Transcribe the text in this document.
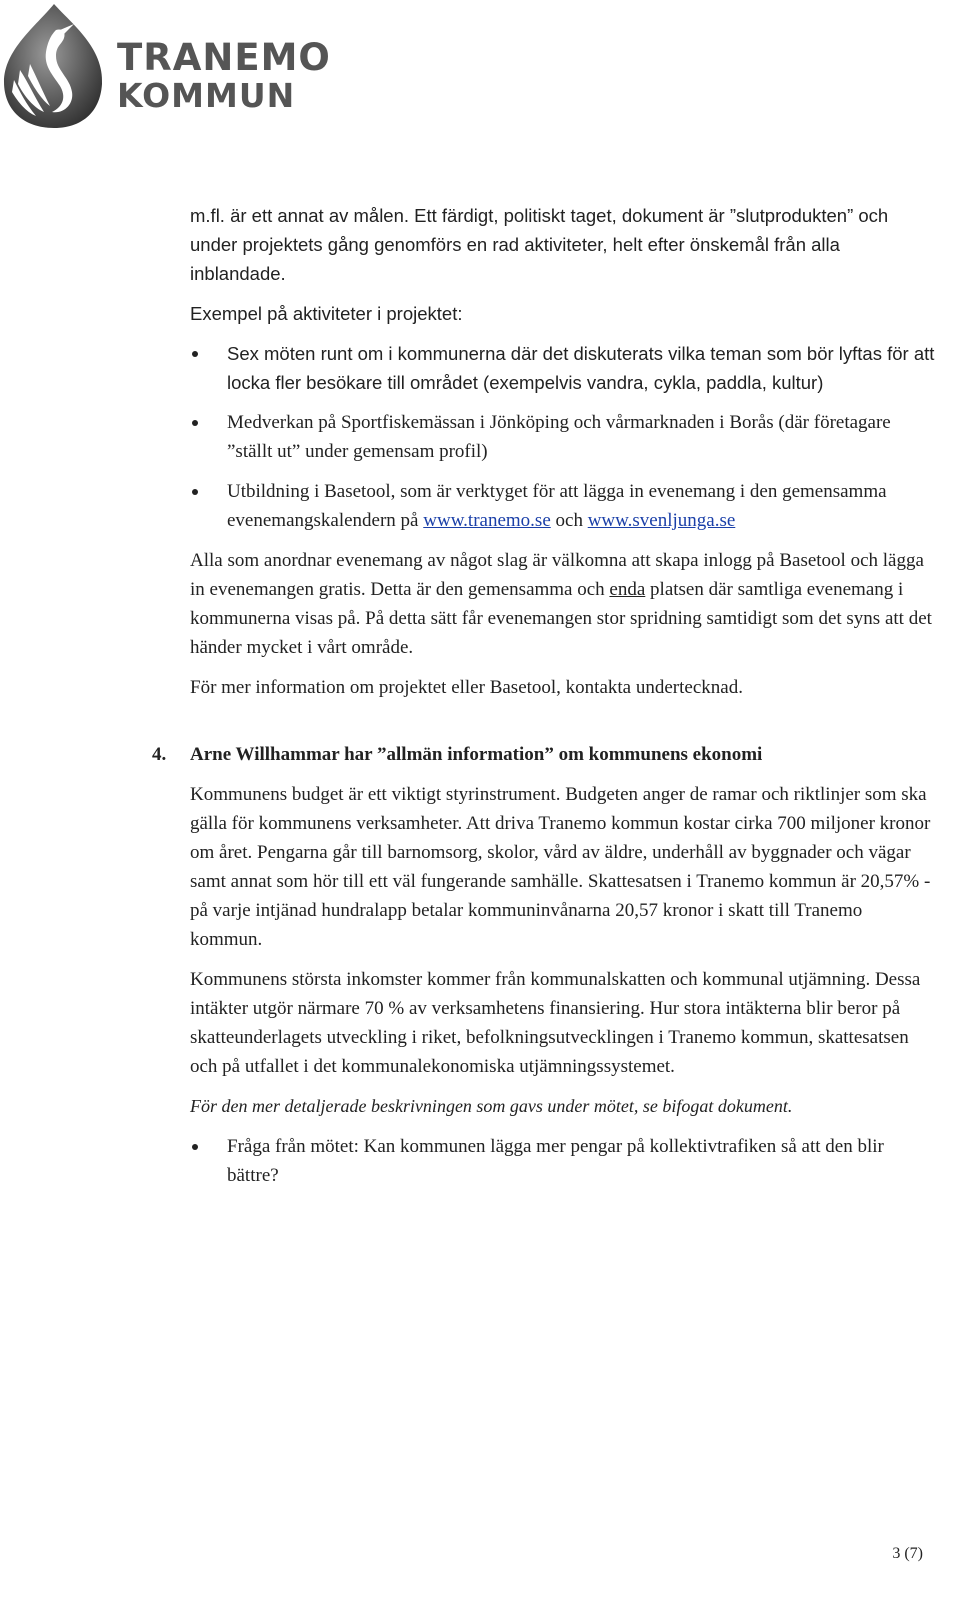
TRANEMO
KOMMUN

m.fl. är ett annat av målen. Ett färdigt, politiskt taget, dokument är ”slutprodukten” och under projektets gång genomförs en rad aktiviteter, helt efter önskemål från alla inblandade.

Exempel på aktiviteter i projektet:

Sex möten runt om i kommunerna där det diskuterats vilka teman som bör lyftas för att locka fler besökare till området (exempelvis vandra, cykla, paddla, kultur)
Medverkan på Sportfiskemässan i Jönköping och vårmarknaden i Borås (där företagare ”ställt ut” under gemensam profil)
Utbildning i Basetool, som är verktyget för att lägga in evenemang i den gemensamma evenemangskalendern på www.tranemo.se och www.svenljunga.se

Alla som anordnar evenemang av något slag är välkomna att skapa inlogg på Basetool och lägga in evenemangen gratis. Detta är den gemensamma och enda platsen där samtliga evenemang i kommunerna visas på. På detta sätt får evenemangen stor spridning samtidigt som det syns att det händer mycket i vårt område.

För mer information om projektet eller Basetool, kontakta undertecknad.

4. Arne Willhammar har ”allmän information” om kommunens ekonomi

Kommunens budget är ett viktigt styrinstrument. Budgeten anger de ramar och riktlinjer som ska gälla för kommunens verksamheter. Att driva Tranemo kommun kostar cirka 700 miljoner kronor om året. Pengarna går till barnomsorg, skolor, vård av äldre, underhåll av byggnader och vägar samt annat som hör till ett väl fungerande samhälle. Skattesatsen i Tranemo kommun är 20,57% - på varje intjänad hundralapp betalar kommuninvånarna 20,57 kronor i skatt till Tranemo kommun.

Kommunens största inkomster kommer från kommunalskatten och kommunal utjämning. Dessa intäkter utgör närmare 70 % av verksamhetens finansiering. Hur stora intäkterna blir beror på skatteunderlagets utveckling i riket, befolkningsutvecklingen i Tranemo kommun, skattesatsen och på utfallet i det kommunalekonomiska utjämningssystemet.

För den mer detaljerade beskrivningen som gavs under mötet, se bifogat dokument.

Fråga från mötet: Kan kommunen lägga mer pengar på kollektivtrafiken så att den blir bättre?
3 (7)
